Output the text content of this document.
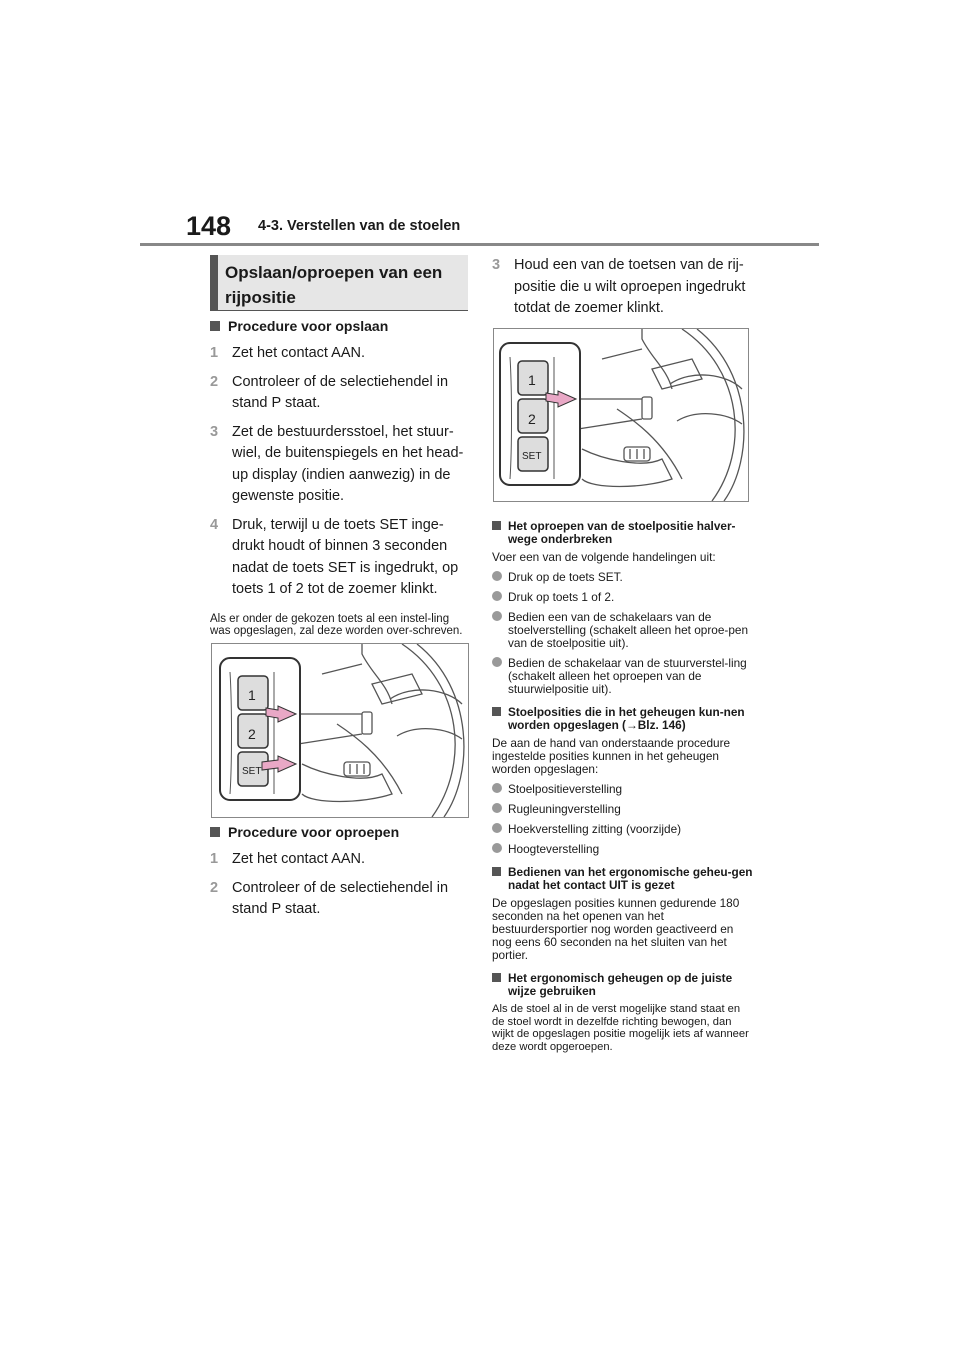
148 4-3. Verstellen van de stoelen
Opslaan/oproepen van een rijpositie

Procedure voor opslaan

1 Zet het contact AAN.
2 Controleer of de selectiehendel in stand P staat.
3 Zet de bestuurdersstoel, het stuur-wiel, de buitenspiegels en het head-up display (indien aanwezig) in de gewenste positie.
4 Druk, terwijl u de toets SET inge-drukt houdt of binnen 3 seconden nadat de toets SET is ingedrukt, op toets 1 of 2 tot de zoemer klinkt.
Als er onder de gekozen toets al een instel-ling was opgeslagen, zal deze worden over-schreven.
1
2
SET

Procedure voor oproepen

1 Zet het contact AAN.
2 Controleer of de selectiehendel in stand P staat.
3 Houd een van de toetsen van de rij-positie die u wilt oproepen ingedrukt totdat de zoemer klinkt.
1
2
SET
Het oproepen van de stoelpositie halver-wege onderbreken
Voer een van de volgende handelingen uit:
Druk op de toets SET.
Druk op toets 1 of 2.
Bedien een van de schakelaars van de stoelverstelling (schakelt alleen het oproe-pen van de stoelpositie uit).
Bedien de schakelaar van de stuurverstel-ling (schakelt alleen het oproepen van de stuurwielpositie uit).
Stoelposities die in het geheugen kun-nen worden opgeslagen (→Blz. 146)
De aan de hand van onderstaande procedure ingestelde posities kunnen in het geheugen worden opgeslagen:
Stoelpositieverstelling
Rugleuningverstelling
Hoekverstelling zitting (voorzijde)
Hoogteverstelling
Bedienen van het ergonomische geheu-gen nadat het contact UIT is gezet
De opgeslagen posities kunnen gedurende 180 seconden na het openen van het bestuurdersportier nog worden geactiveerd en nog eens 60 seconden na het sluiten van het portier.
Het ergonomisch geheugen op de juiste wijze gebruiken
Als de stoel al in de verst mogelijke stand staat en de stoel wordt in dezelfde richting bewogen, dan wijkt de opgeslagen positie mogelijk iets af wanneer deze wordt opgeroepen.
